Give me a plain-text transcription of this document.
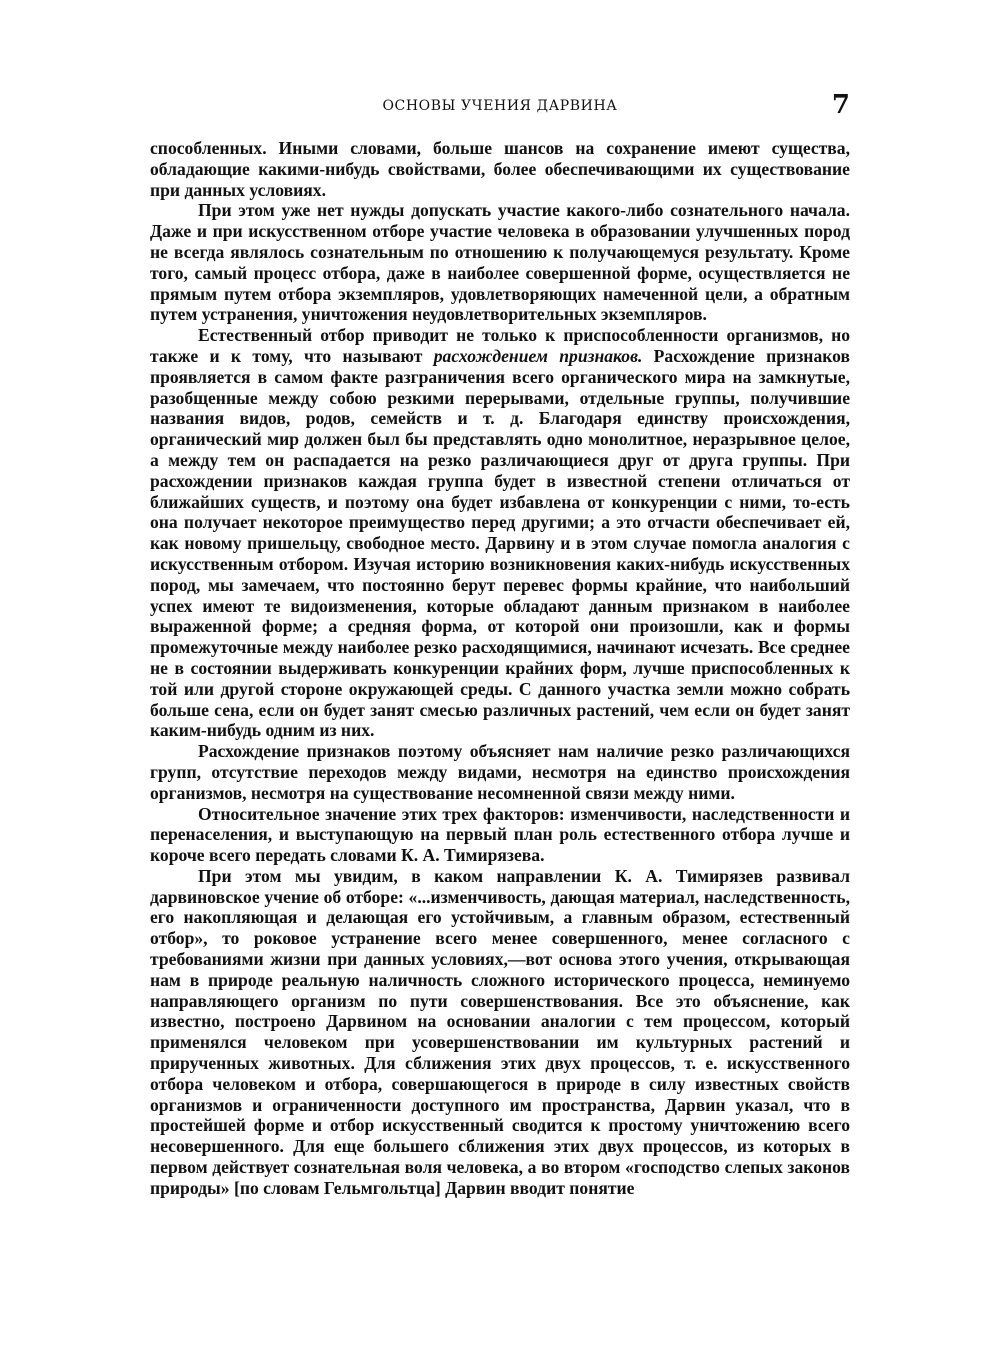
ОСНОВЫ УЧЕНИЯ ДАРВИНА	7

способленных. Иными словами, больше шансов на сохранение имеют существа, обладающие какими-нибудь свойствами, более обеспечивающими их существование при данных условиях.

При этом уже нет нужды допускать участие какого-либо сознательного начала. Даже и при искусственном отборе участие человека в образовании улучшенных пород не всегда являлось сознательным по отношению к получающемуся результату. Кроме того, самый процесс отбора, даже в наиболее совершенной форме, осуществляется не прямым путем отбора экземпляров, удовлетворяющих намеченной цели, а обратным путем устранения, уничтожения неудовлетворительных экземпляров.

Естественный отбор приводит не только к приспособленности организмов, но также и к тому, что называют расхождением признаков. Расхождение признаков проявляется в самом факте разграничения всего органического мира на замкнутые, разобщенные между собою резкими перерывами, отдельные группы, получившие названия видов, родов, семейств и т. д. Благодаря единству происхождения, органический мир должен был бы представлять одно монолитное, неразрывное целое, а между тем он распадается на резко различающиеся друг от друга группы. При расхождении признаков каждая группа будет в известной степени отличаться от ближайших существ, и поэтому она будет избавлена от конкуренции с ними, то-есть она получает некоторое преимущество перед другими; а это отчасти обеспечивает ей, как новому пришельцу, свободное место. Дарвину и в этом случае помогла аналогия с искусственным отбором. Изучая историю возникновения каких-нибудь искусственных пород, мы замечаем, что постоянно берут перевес формы крайние, что наибольший успех имеют те видоизменения, которые обладают данным признаком в наиболее выраженной форме; а средняя форма, от которой они произошли, как и формы промежуточные между наиболее резко расходящимися, начинают исчезать. Все среднее не в состоянии выдерживать конкуренции крайних форм, лучше приспособленных к той или другой стороне окружающей среды. С данного участка земли можно собрать больше сена, если он будет занят смесью различных растений, чем если он будет занят каким-нибудь одним из них.

Расхождение признаков поэтому объясняет нам наличие резко различающихся групп, отсутствие переходов между видами, несмотря на единство происхождения организмов, несмотря на существование несомненной связи между ними.

Относительное значение этих трех факторов: изменчивости, наследственности и перенаселения, и выступающую на первый план роль естественного отбора лучше и короче всего передать словами К. А. Тимирязева.

При этом мы увидим, в каком направлении К. А. Тимирязев развивал дарвиновское учение об отборе: «...изменчивость, дающая материал, наследственность, его накопляющая и делающая его устойчивым, а главным образом, естественный отбор», то роковое устранение всего менее совершенного, менее согласного с требованиями жизни при данных условиях,—вот основа этого учения, открывающая нам в природе реальную наличность сложного исторического процесса, неминуемо направляющего организм по пути совершенствования. Все это объяснение, как известно, построено Дарвином на основании аналогии с тем процессом, который применялся человеком при усовершенствовании им культурных растений и прирученных животных. Для сближения этих двух процессов, т. е. искусственного отбора человеком и отбора, совершающегося в природе в силу известных свойств организмов и ограниченности доступного им пространства, Дарвин указал, что в простейшей форме и отбор искусственный сводится к простому уничтожению всего несовершенного. Для еще большего сближения этих двух процессов, из которых в первом действует сознательная воля человека, а во втором «господство слепых законов природы» [по словам Гельмгольтца] Дарвин вводит понятие
